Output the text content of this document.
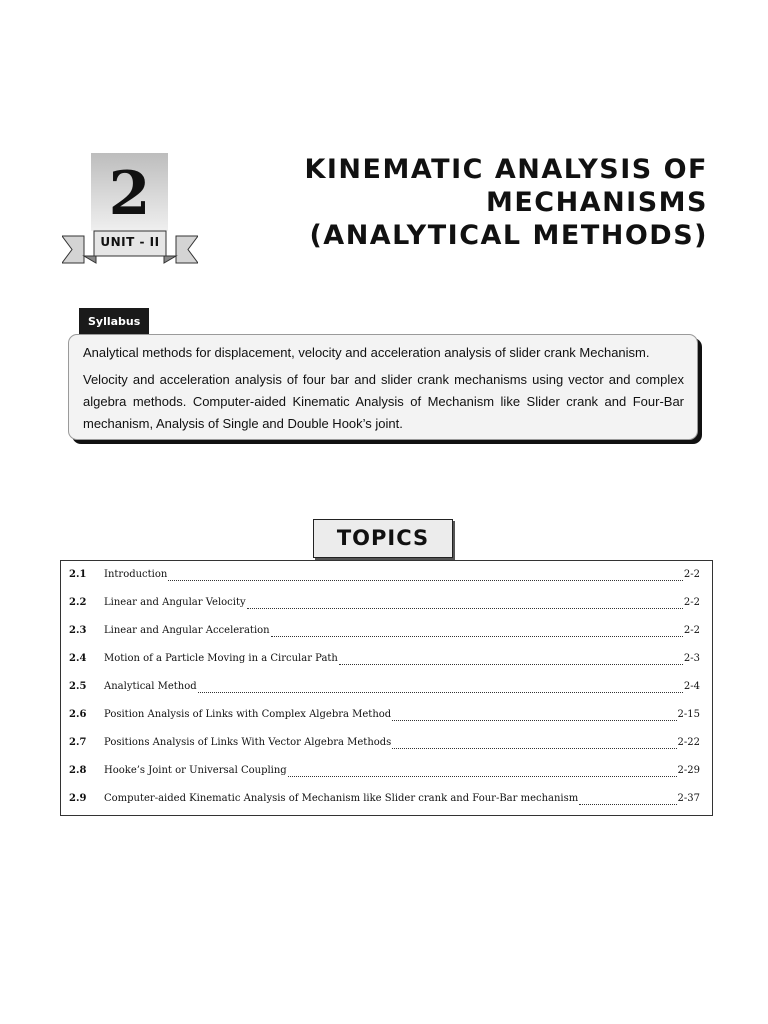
2
UNIT - II
KINEMATIC ANALYSIS OF
MECHANISMS
(ANALYTICAL METHODS)
Syllabus

Analytical methods for displacement, velocity and acceleration analysis of slider crank Mechanism.

Velocity and acceleration analysis of four bar and slider crank mechanisms using vector and complex algebra methods. Computer-aided Kinematic Analysis of Mechanism like Slider crank and Four-Bar mechanism, Analysis of Single and Double Hook’s joint.

TOPICS
2.1	Introduction	2-2
2.2	Linear and Angular Velocity	2-2
2.3	Linear and Angular Acceleration	2-2
2.4	Motion of a Particle Moving in a Circular Path	2-3
2.5	Analytical Method	2-4
2.6	Position Analysis of Links with Complex Algebra Method	2-15
2.7	Positions Analysis of Links With Vector Algebra Methods	2-22
2.8	Hooke’s Joint or Universal Coupling	2-29
2.9	Computer-aided Kinematic Analysis of Mechanism like Slider crank and Four-Bar mechanism	2-37
